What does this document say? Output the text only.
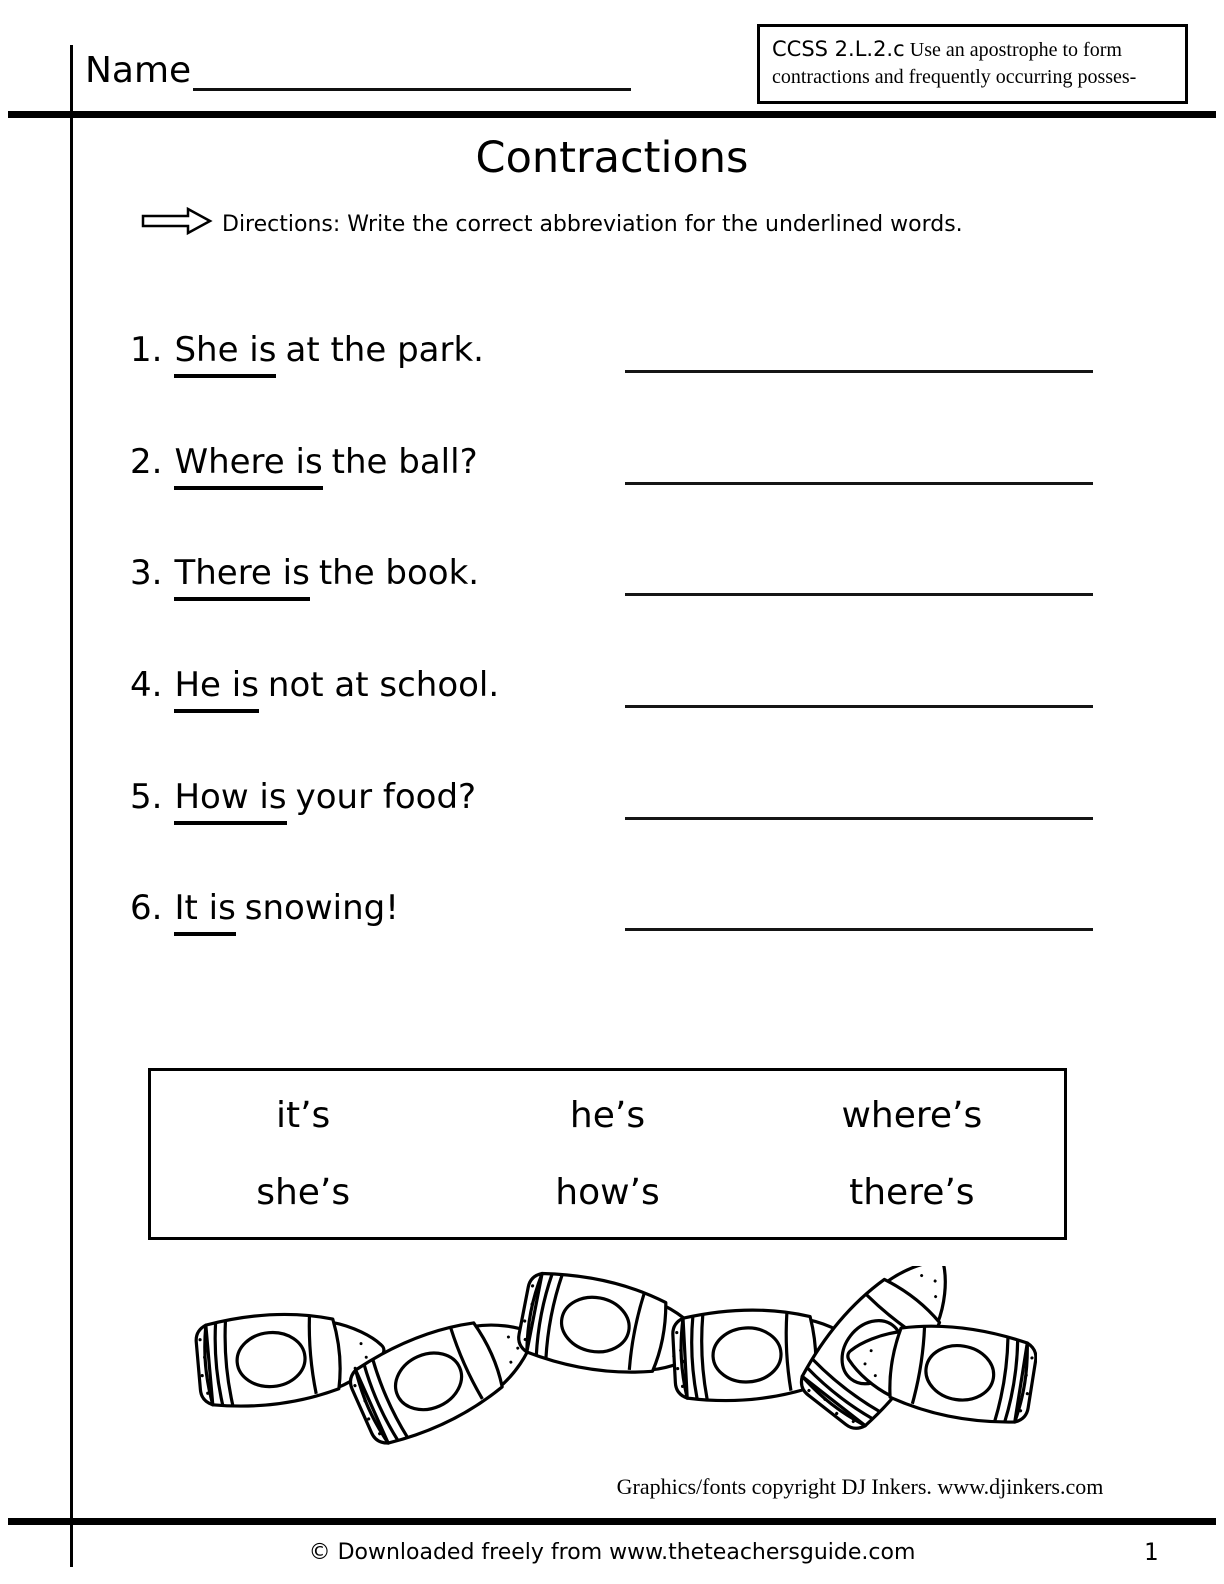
Name
CCSS 2.L.2.c Use an apostrophe to form contractions and frequently occurring posses-
Contractions
Directions: Write the correct abbreviation for the underlined words.
1. She is at the park.
2. Where is the ball?
3. There is the book.
4. He is not at school.
5. How is your food?
6. It is snowing!
it’s	he’s	where’s
she’s	how’s	there’s
Graphics/fonts copyright DJ Inkers. www.djinkers.com
© Downloaded freely from www.theteachersguide.com	1
